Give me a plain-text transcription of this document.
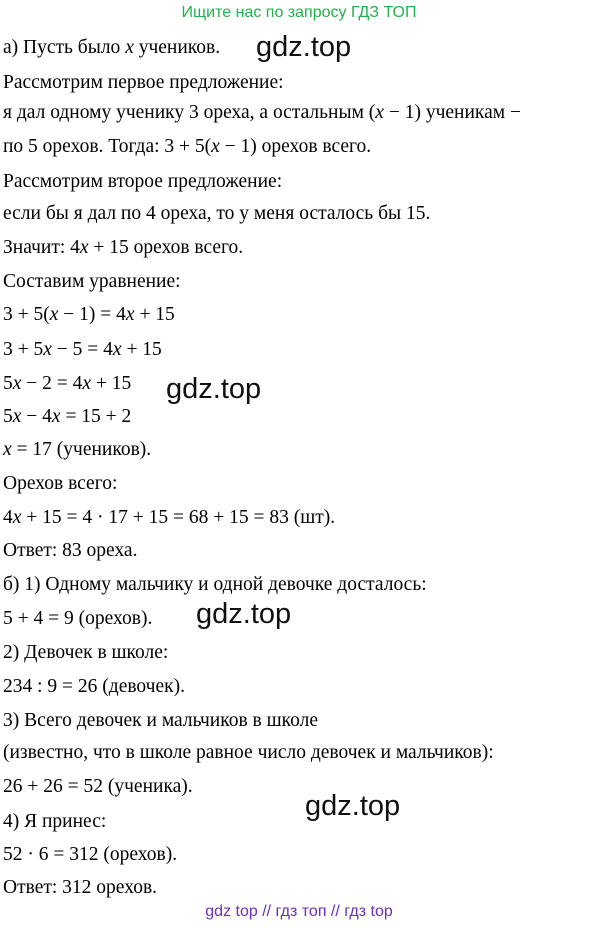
Ищите нас по запросу ГДЗ ТОП
а) Пусть было x учеников.
Рассмотрим первое предложение:
я дал одному ученику 3 ореха, а остальным (x − 1) ученикам −
по 5 орехов. Тогда: 3 + 5(x − 1) орехов всего.
Рассмотрим второе предложение:
если бы я дал по 4 ореха, то у меня осталось бы 15.
Значит: 4x + 15 орехов всего.
Составим уравнение:
3 + 5(x − 1) = 4x + 15
3 + 5x − 5 = 4x + 15
5x − 2 = 4x + 15
5x − 4x = 15 + 2
x = 17 (учеников).
Орехов всего:
4x + 15 = 4 · 17 + 15 = 68 + 15 = 83 (шт).
Ответ: 83 ореха.
б) 1) Одному мальчику и одной девочке досталось:
5 + 4 = 9 (орехов).
2) Девочек в школе:
234 : 9 = 26 (девочек).
3) Всего девочек и мальчиков в школе
(известно, что в школе равное число девочек и мальчиков):
26 + 26 = 52 (ученика).
4) Я принес:
52 · 6 = 312 (орехов).
Ответ: 312 орехов.
gdz.top
gdz.top
gdz.top
gdz.top
gdz top // гдз топ // гдз top
